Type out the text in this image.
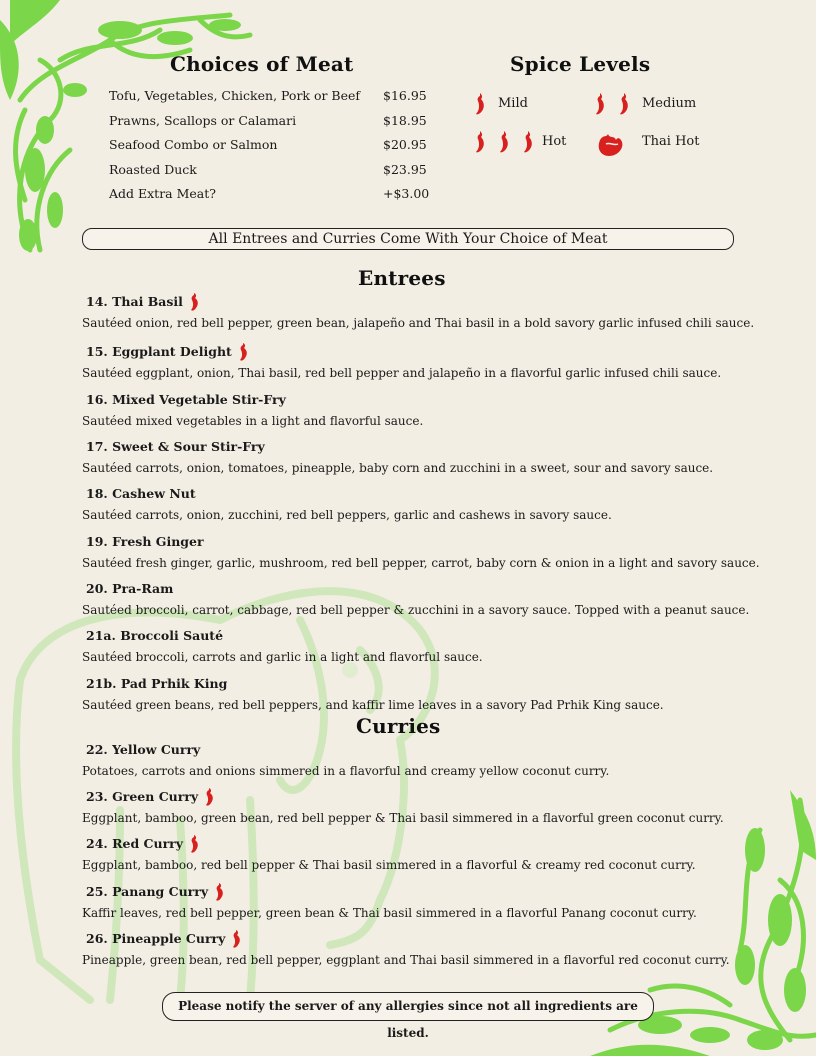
Choices of Meat	Spice Levels
Tofu, Vegetables, Chicken, Pork or Beef $16.95
Prawns, Scallops or Calamari	$18.95
Seafood Combo or Salmon	$20.95
Roasted Duck	$23.95
Add Extra Meat?	+$3.00
Mild	Medium
Hot	Thai Hot
All Entrees and Curries Come With Your Choice of Meat
Entrees
14. Thai Basil
Sautéed onion, red bell pepper, green bean, jalapeño and Thai basil in a bold savory garlic infused chili sauce.
15. Eggplant Delight
Sautéed eggplant, onion, Thai basil, red bell pepper and jalapeño in a flavorful garlic infused chili sauce.
16. Mixed Vegetable Stir-Fry
Sautéed mixed vegetables in a light and flavorful sauce.
17. Sweet & Sour Stir-Fry
Sautéed carrots, onion, tomatoes, pineapple, baby corn and zucchini in a sweet, sour and savory sauce.
18. Cashew Nut
Sautéed carrots, onion, zucchini, red bell peppers, garlic and cashews in savory sauce.
19. Fresh Ginger
Sautéed fresh ginger, garlic, mushroom, red bell pepper, carrot, baby corn & onion in a light and savory sauce.
20. Pra-Ram
Sautéed broccoli, carrot, cabbage, red bell pepper & zucchini in a savory sauce. Topped with a peanut sauce.
21a. Broccoli Sauté
Sautéed broccoli, carrots and garlic in a light and flavorful sauce.
21b. Pad Prhik King
Sautéed green beans, red bell peppers, and kaffir lime leaves in a savory Pad Prhik King sauce.
Curries
22. Yellow Curry
Potatoes, carrots and onions simmered in a flavorful and creamy yellow coconut curry.
23. Green Curry
Eggplant, bamboo, green bean, red bell pepper & Thai basil simmered in a flavorful green coconut curry.
24. Red Curry
Eggplant, bamboo, red bell pepper & Thai basil simmered in a flavorful & creamy red coconut curry.
25. Panang Curry
Kaffir leaves, red bell pepper, green bean & Thai basil simmered in a flavorful Panang coconut curry.
26. Pineapple Curry
Pineapple, green bean, red bell pepper, eggplant and Thai basil simmered in a flavorful red coconut curry.
Please notify the server of any allergies since not all ingredients are listed.
